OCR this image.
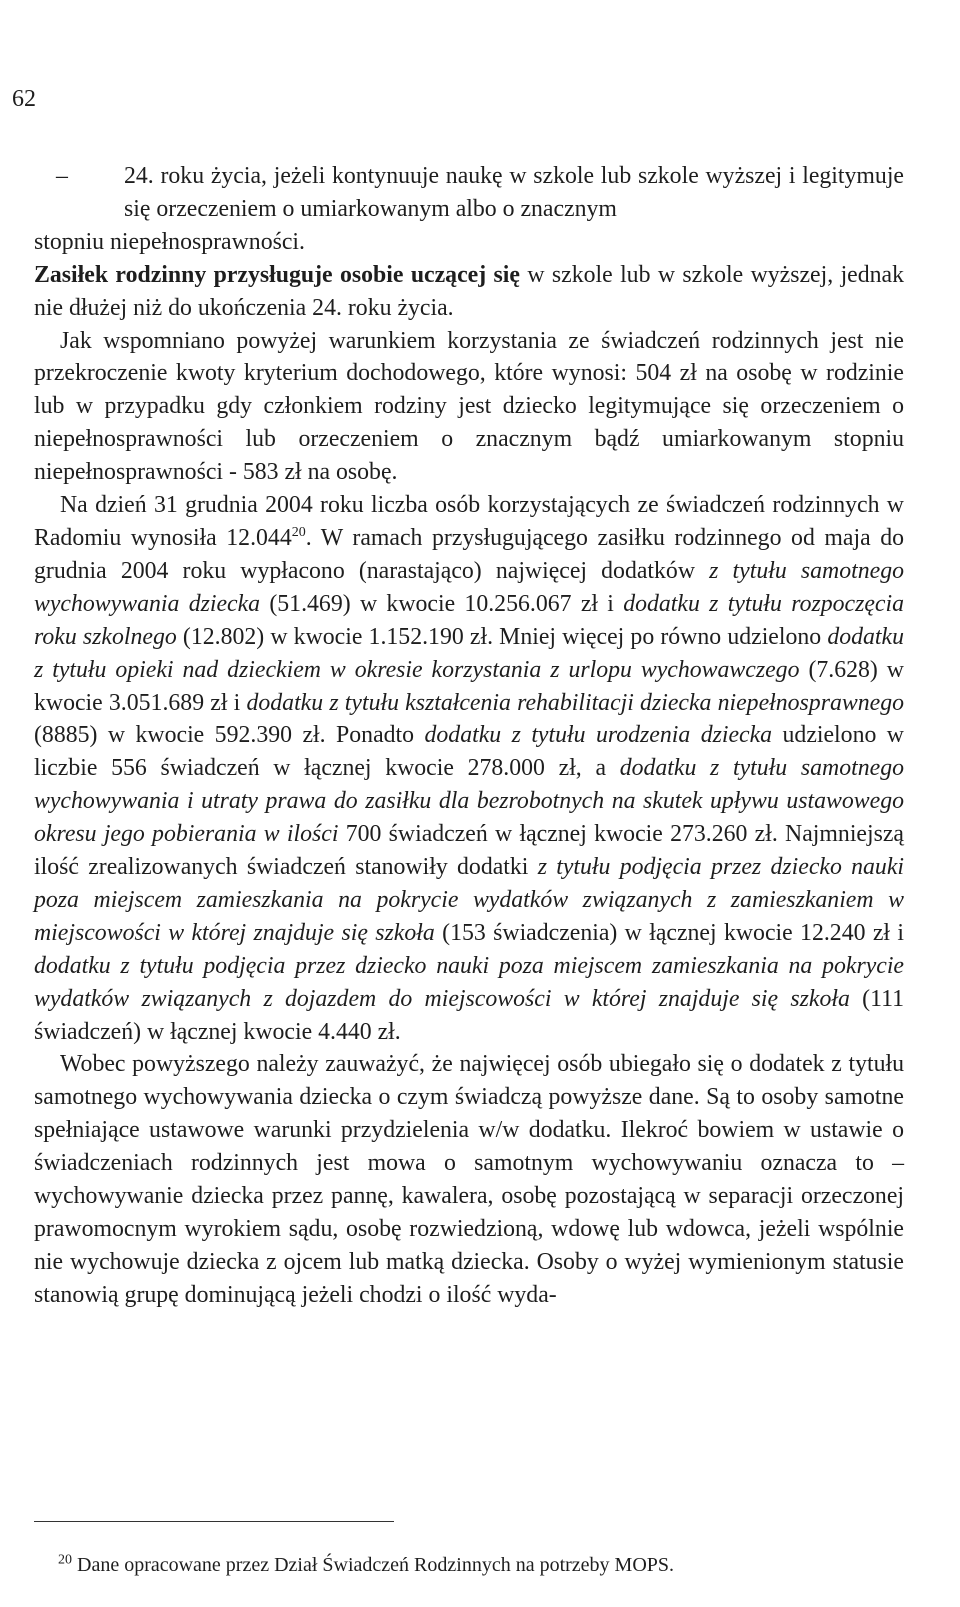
62

– 24. roku życia, jeżeli kontynuuje naukę w szkole lub szkole wyższej i legitymuje się orzeczeniem o umiarkowanym albo o znacznym

stopniu niepełnosprawności.

Zasiłek rodzinny przysługuje osobie uczącej się w szkole lub w szkole wyższej, jednak nie dłużej niż do ukończenia 24. roku życia.

Jak wspomniano powyżej warunkiem korzystania ze świadczeń rodzinnych jest nie przekroczenie kwoty kryterium dochodowego, które wynosi: 504 zł na osobę w rodzinie lub w przypadku gdy członkiem rodziny jest dziecko legitymujące się orzeczeniem o niepełnosprawności lub orzeczeniem o znacznym bądź umiarkowanym stopniu niepełnosprawności - 583 zł na osobę.

Na dzień 31 grudnia 2004 roku liczba osób korzystających ze świadczeń rodzinnych w Radomiu wynosiła 12.044$^{20}$. W ramach przysługującego zasiłku rodzinnego od maja do grudnia 2004 roku wypłacono (narastająco) najwięcej dodatków z tytułu samotnego wychowywania dziecka (51.469) w kwocie 10.256.067 zł i dodatku z tytułu rozpoczęcia roku szkolnego (12.802) w kwocie 1.152.190 zł. Mniej więcej po równo udzielono dodatku z tytułu opieki nad dzieckiem w okresie korzystania z urlopu wychowawczego (7.628) w kwocie 3.051.689 zł i dodatku z tytułu kształcenia rehabilitacji dziecka niepełnosprawnego (8885) w kwocie 592.390 zł. Ponadto dodatku z tytułu urodzenia dziecka udzielono w liczbie 556 świadczeń w łącznej kwocie 278.000 zł, a dodatku z tytułu samotnego wychowywania i utraty prawa do zasiłku dla bezrobotnych na skutek upływu ustawowego okresu jego pobierania w ilości 700 świadczeń w łącznej kwocie 273.260 zł. Najmniejszą ilość zrealizowanych świadczeń stanowiły dodatki z tytułu podjęcia przez dziecko nauki poza miejscem zamieszkania na pokrycie wydatków związanych z zamieszkaniem w miejscowości w której znajduje się szkoła (153 świadczenia) w łącznej kwocie 12.240 zł i dodatku z tytułu podjęcia przez dziecko nauki poza miejscem zamieszkania na pokrycie wydatków związanych z dojazdem do miejscowości w której znajduje się szkoła (111 świadczeń) w łącznej kwocie 4.440 zł.

Wobec powyższego należy zauważyć, że najwięcej osób ubiegało się o dodatek z tytułu samotnego wychowywania dziecka o czym świadczą powyższe dane. Są to osoby samotne spełniające ustawowe warunki przydzielenia w/w dodatku. Ilekroć bowiem w ustawie o świadczeniach rodzinnych jest mowa o samotnym wychowywaniu oznacza to – wychowywanie dziecka przez pannę, kawalera, osobę pozostającą w separacji orzeczonej prawomocnym wyrokiem sądu, osobę rozwiedzioną, wdowę lub wdowca, jeżeli wspólnie nie wychowuje dziecka z ojcem lub matką dziecka. Osoby o wyżej wymienionym statusie stanowią grupę dominującą jeżeli chodzi o ilość wyda-

$^{20}$ Dane opracowane przez Dział Świadczeń Rodzinnych na potrzeby MOPS.
